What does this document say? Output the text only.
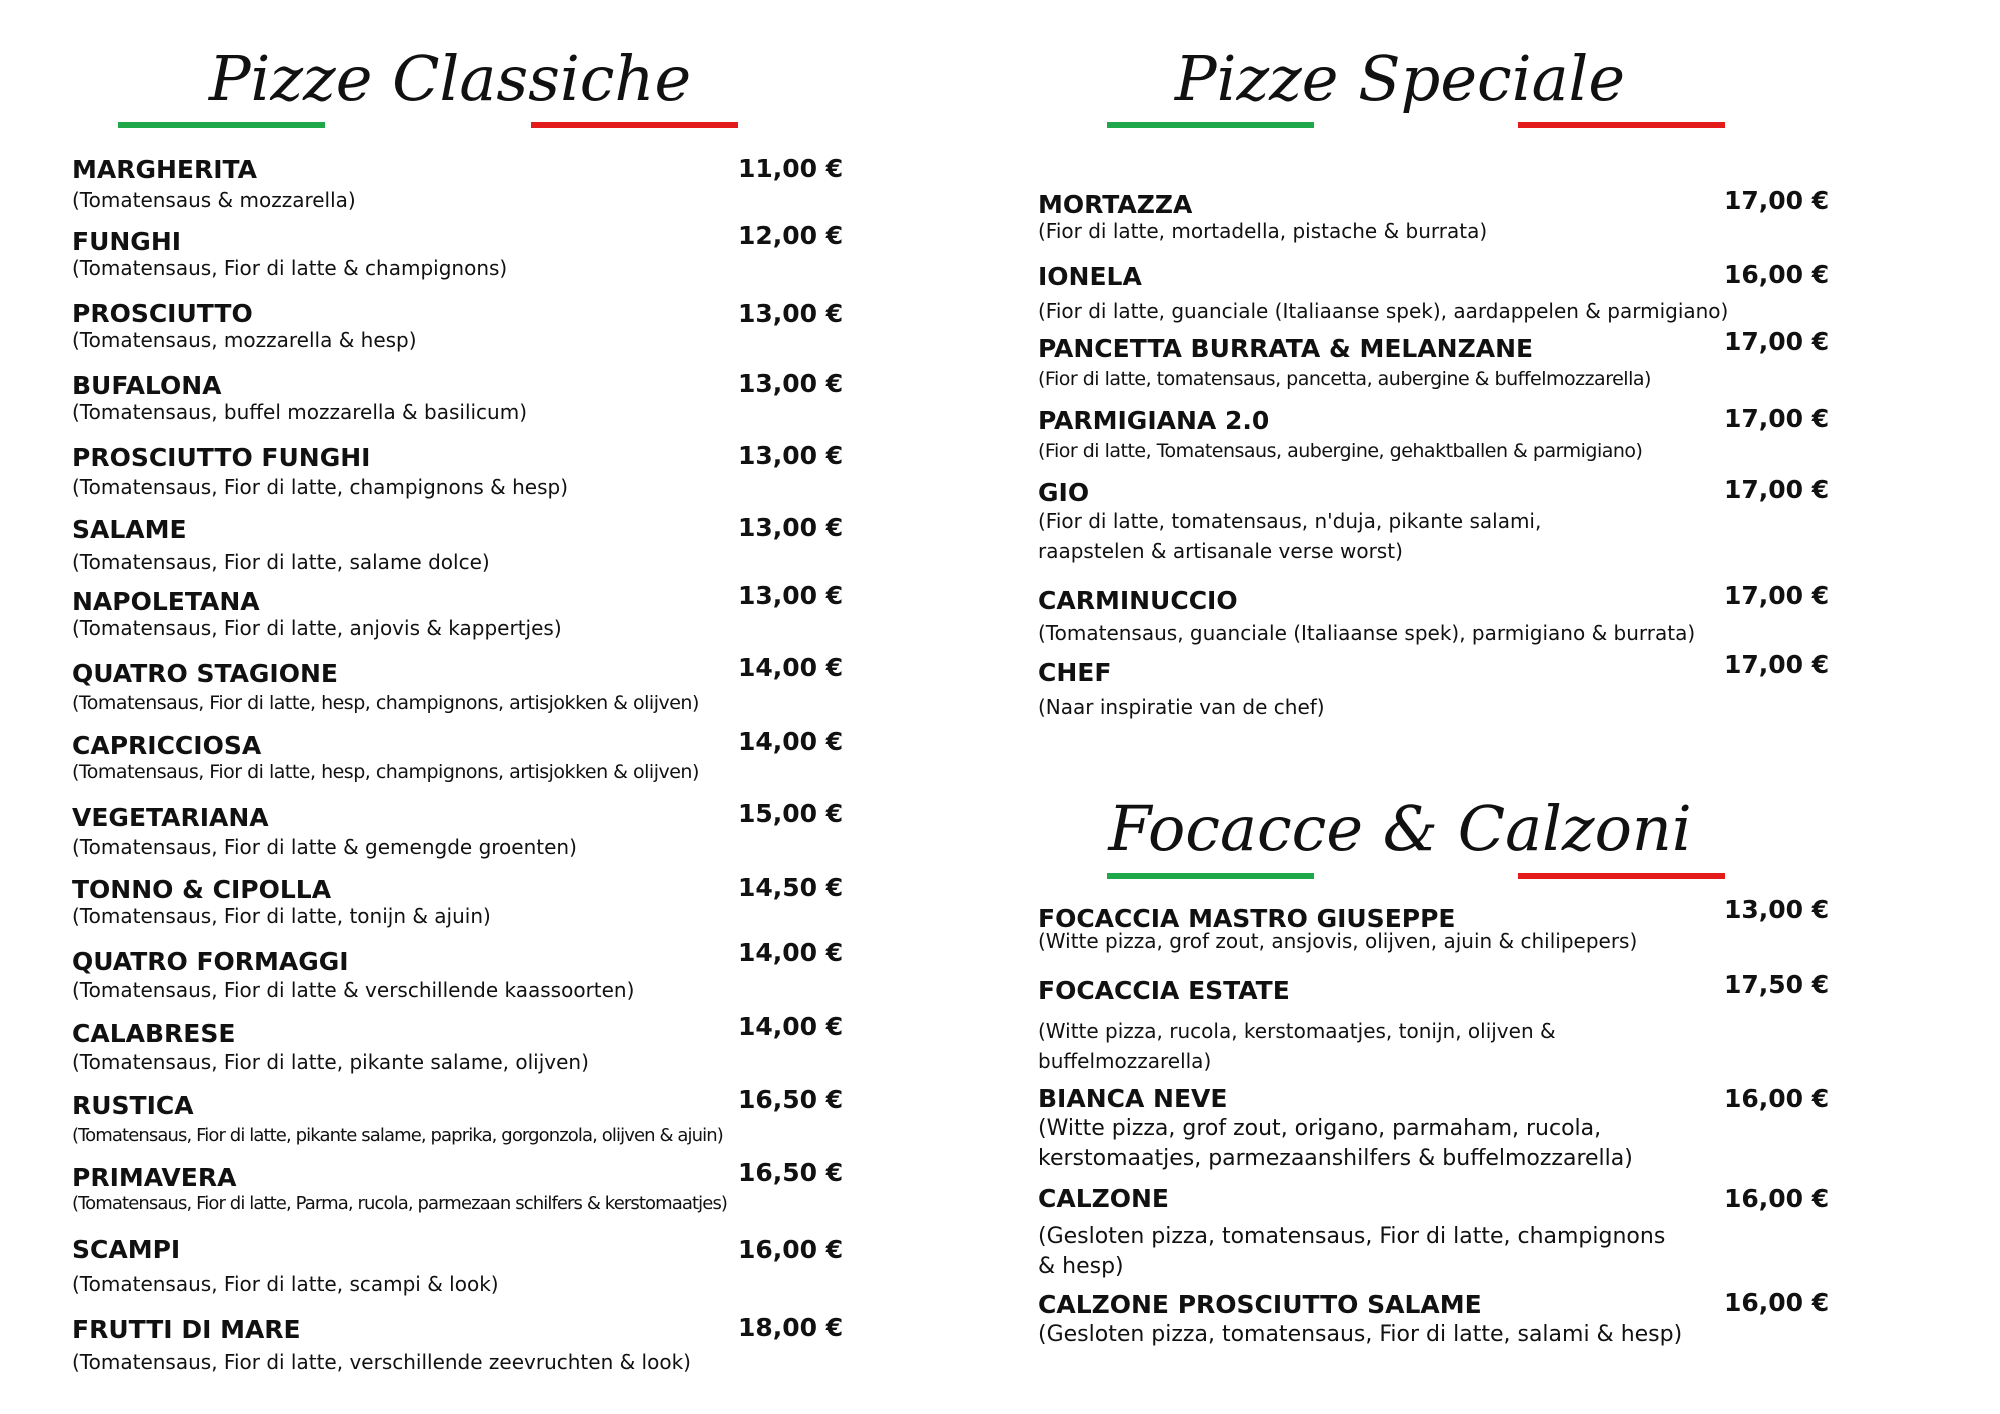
Pizze Classiche
MARGHERITA
(Tomatensaus & mozzarella)
11,00 €
FUNGHI
(Tomatensaus, Fior di latte & champignons)
12,00 €
PROSCIUTTO
(Tomatensaus, mozzarella & hesp)
13,00 €
BUFALONA
(Tomatensaus, buffel mozzarella & basilicum)
13,00 €
PROSCIUTTO FUNGHI
(Tomatensaus, Fior di latte, champignons & hesp)
13,00 €
SALAME
(Tomatensaus, Fior di latte, salame dolce)
13,00 €
NAPOLETANA
(Tomatensaus, Fior di latte, anjovis & kappertjes)
13,00 €
QUATRO STAGIONE
(Tomatensaus, Fior di latte, hesp, champignons, artisjokken & olijven)
14,00 €
CAPRICCIOSA
(Tomatensaus, Fior di latte, hesp, champignons, artisjokken & olijven)
14,00 €
VEGETARIANA
(Tomatensaus, Fior di latte & gemengde groenten)
15,00 €
TONNO & CIPOLLA
(Tomatensaus, Fior di latte, tonijn & ajuin)
14,50 €
QUATRO FORMAGGI
(Tomatensaus, Fior di latte & verschillende kaassoorten)
14,00 €
CALABRESE
(Tomatensaus, Fior di latte, pikante salame, olijven)
14,00 €
RUSTICA
(Tomatensaus, Fior di latte, pikante salame, paprika, gorgonzola, olijven & ajuin)
16,50 €
PRIMAVERA
(Tomatensaus, Fior di latte, Parma, rucola, parmezaan schilfers & kerstomaatjes)
16,50 €
SCAMPI
(Tomatensaus, Fior di latte, scampi & look)
16,00 €
FRUTTI DI MARE
(Tomatensaus, Fior di latte, verschillende zeevruchten & look)
18,00 €
Pizze Speciale
MORTAZZA
(Fior di latte, mortadella, pistache & burrata)
17,00 €
IONELA
(Fior di latte, guanciale (Italiaanse spek), aardappelen & parmigiano)
16,00 €
PANCETTA BURRATA & MELANZANE
(Fior di latte, tomatensaus, pancetta, aubergine & buffelmozzarella)
17,00 €
PARMIGIANA 2.0
(Fior di latte, Tomatensaus, aubergine, gehaktballen & parmigiano)
17,00 €
GIO
(Fior di latte, tomatensaus, n'duja, pikante salami, raapstelen & artisanale verse worst)
17,00 €
CARMINUCCIO
(Tomatensaus, guanciale (Italiaanse spek), parmigiano & burrata)
17,00 €
CHEF
(Naar inspiratie van de chef)
17,00 €
Focacce & Calzoni
FOCACCIA MASTRO GIUSEPPE
(Witte pizza, grof zout, ansjovis, olijven, ajuin & chilipepers)
13,00 €
FOCACCIA ESTATE
(Witte pizza, rucola, kerstomaatjes, tonijn, olijven & buffelmozzarella)
17,50 €
BIANCA NEVE
(Witte pizza, grof zout, origano, parmaham, rucola, kerstomaatjes, parmezaanshilfers & buffelmozzarella)
16,00 €
CALZONE
(Gesloten pizza, tomatensaus, Fior di latte, champignons & hesp)
16,00 €
CALZONE PROSCIUTTO SALAME
(Gesloten pizza, tomatensaus, Fior di latte, salami & hesp)
16,00 €
